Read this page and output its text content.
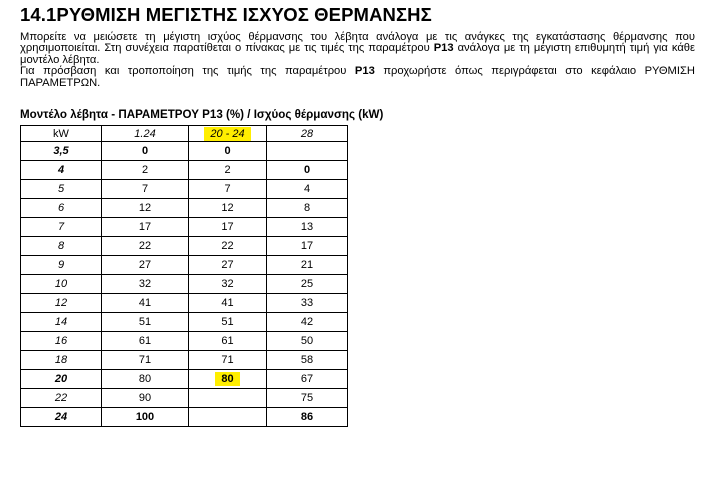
14.1ΡΥΘΜΙΣΗ ΜΕΓΙΣΤΗΣ ΙΣΧΥΟΣ ΘΕΡΜΑΝΣΗΣ

Μπορείτε να μειώσετε τη μέγιστη ισχύος θέρμανσης του λέβητα ανάλογα με τις ανάγκες της εγκατάστασης θέρμανσης που χρησιμοποιείται. Στη συνέχεια παρατίθεται ο πίνακας με τις τιμές της παραμέτρου P13 ανάλογα με τη μέγιστη επιθυμητή τιμή για κάθε μοντέλο λέβητα.

Για πρόσβαση και τροποποίηση της τιμής της παραμέτρου P13 προχωρήστε όπως περιγράφεται στο κεφάλαιο ΡΥΘΜΙΣΗ ΠΑΡΑΜΕΤΡΩΝ.

Μοντέλο λέβητα - ΠΑΡΑΜΕΤΡΟΥ P13 (%) / Ισχύος θέρμανσης (kW)
kW	1.24	20 - 24	28
3,5	0	0	
4	2	2	0
5	7	7	4
6	12	12	8
7	17	17	13
8	22	22	17
9	27	27	21
10	32	32	25
12	41	41	33
14	51	51	42
16	61	61	50
18	71	71	58
20	80	80	67
22	90		75
24	100		86
